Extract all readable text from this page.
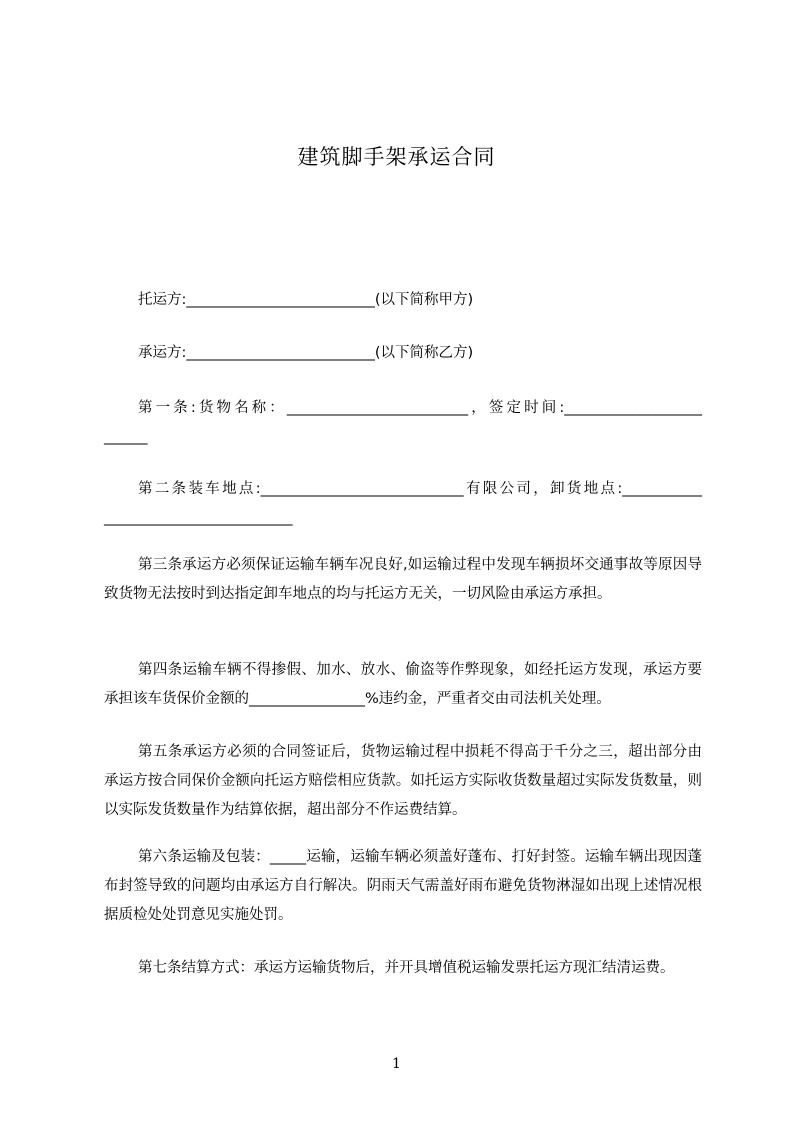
建筑脚手架承运合同

托运方:__________________________(以下简称甲方)

承运方:__________________________(以下简称乙方)

第一条:货物名称：_________________________，签定时间:___________________ ______

第二条装车地点:____________________________有限公司，卸货地点:___________ __________________________

第三条承运方必须保证运输车辆车况良好,如运输过程中发现车辆损坏交通事故等原因导致货物无法按时到达指定卸车地点的均与托运方无关，一切风险由承运方承担。

第四条运输车辆不得掺假、加水、放水、偷盗等作弊现象，如经托运方发现，承运方要承担该车货保价金额的________________%违约金，严重者交由司法机关处理。

第五条承运方必须的合同签证后，货物运输过程中损耗不得高于千分之三，超出部分由承运方按合同保价金额向托运方赔偿相应货款。如托运方实际收货数量超过实际发货数量，则以实际发货数量作为结算依据，超出部分不作运费结算。

第六条运输及包装：_____运输，运输车辆必须盖好蓬布、打好封签。运输车辆出现因蓬布封签导致的问题均由承运方自行解决。阴雨天气需盖好雨布避免货物淋湿如出现上述情况根据质检处处罚意见实施处罚。

第七条结算方式：承运方运输货物后，并开具增值税运输发票托运方现汇结清运费。

1
